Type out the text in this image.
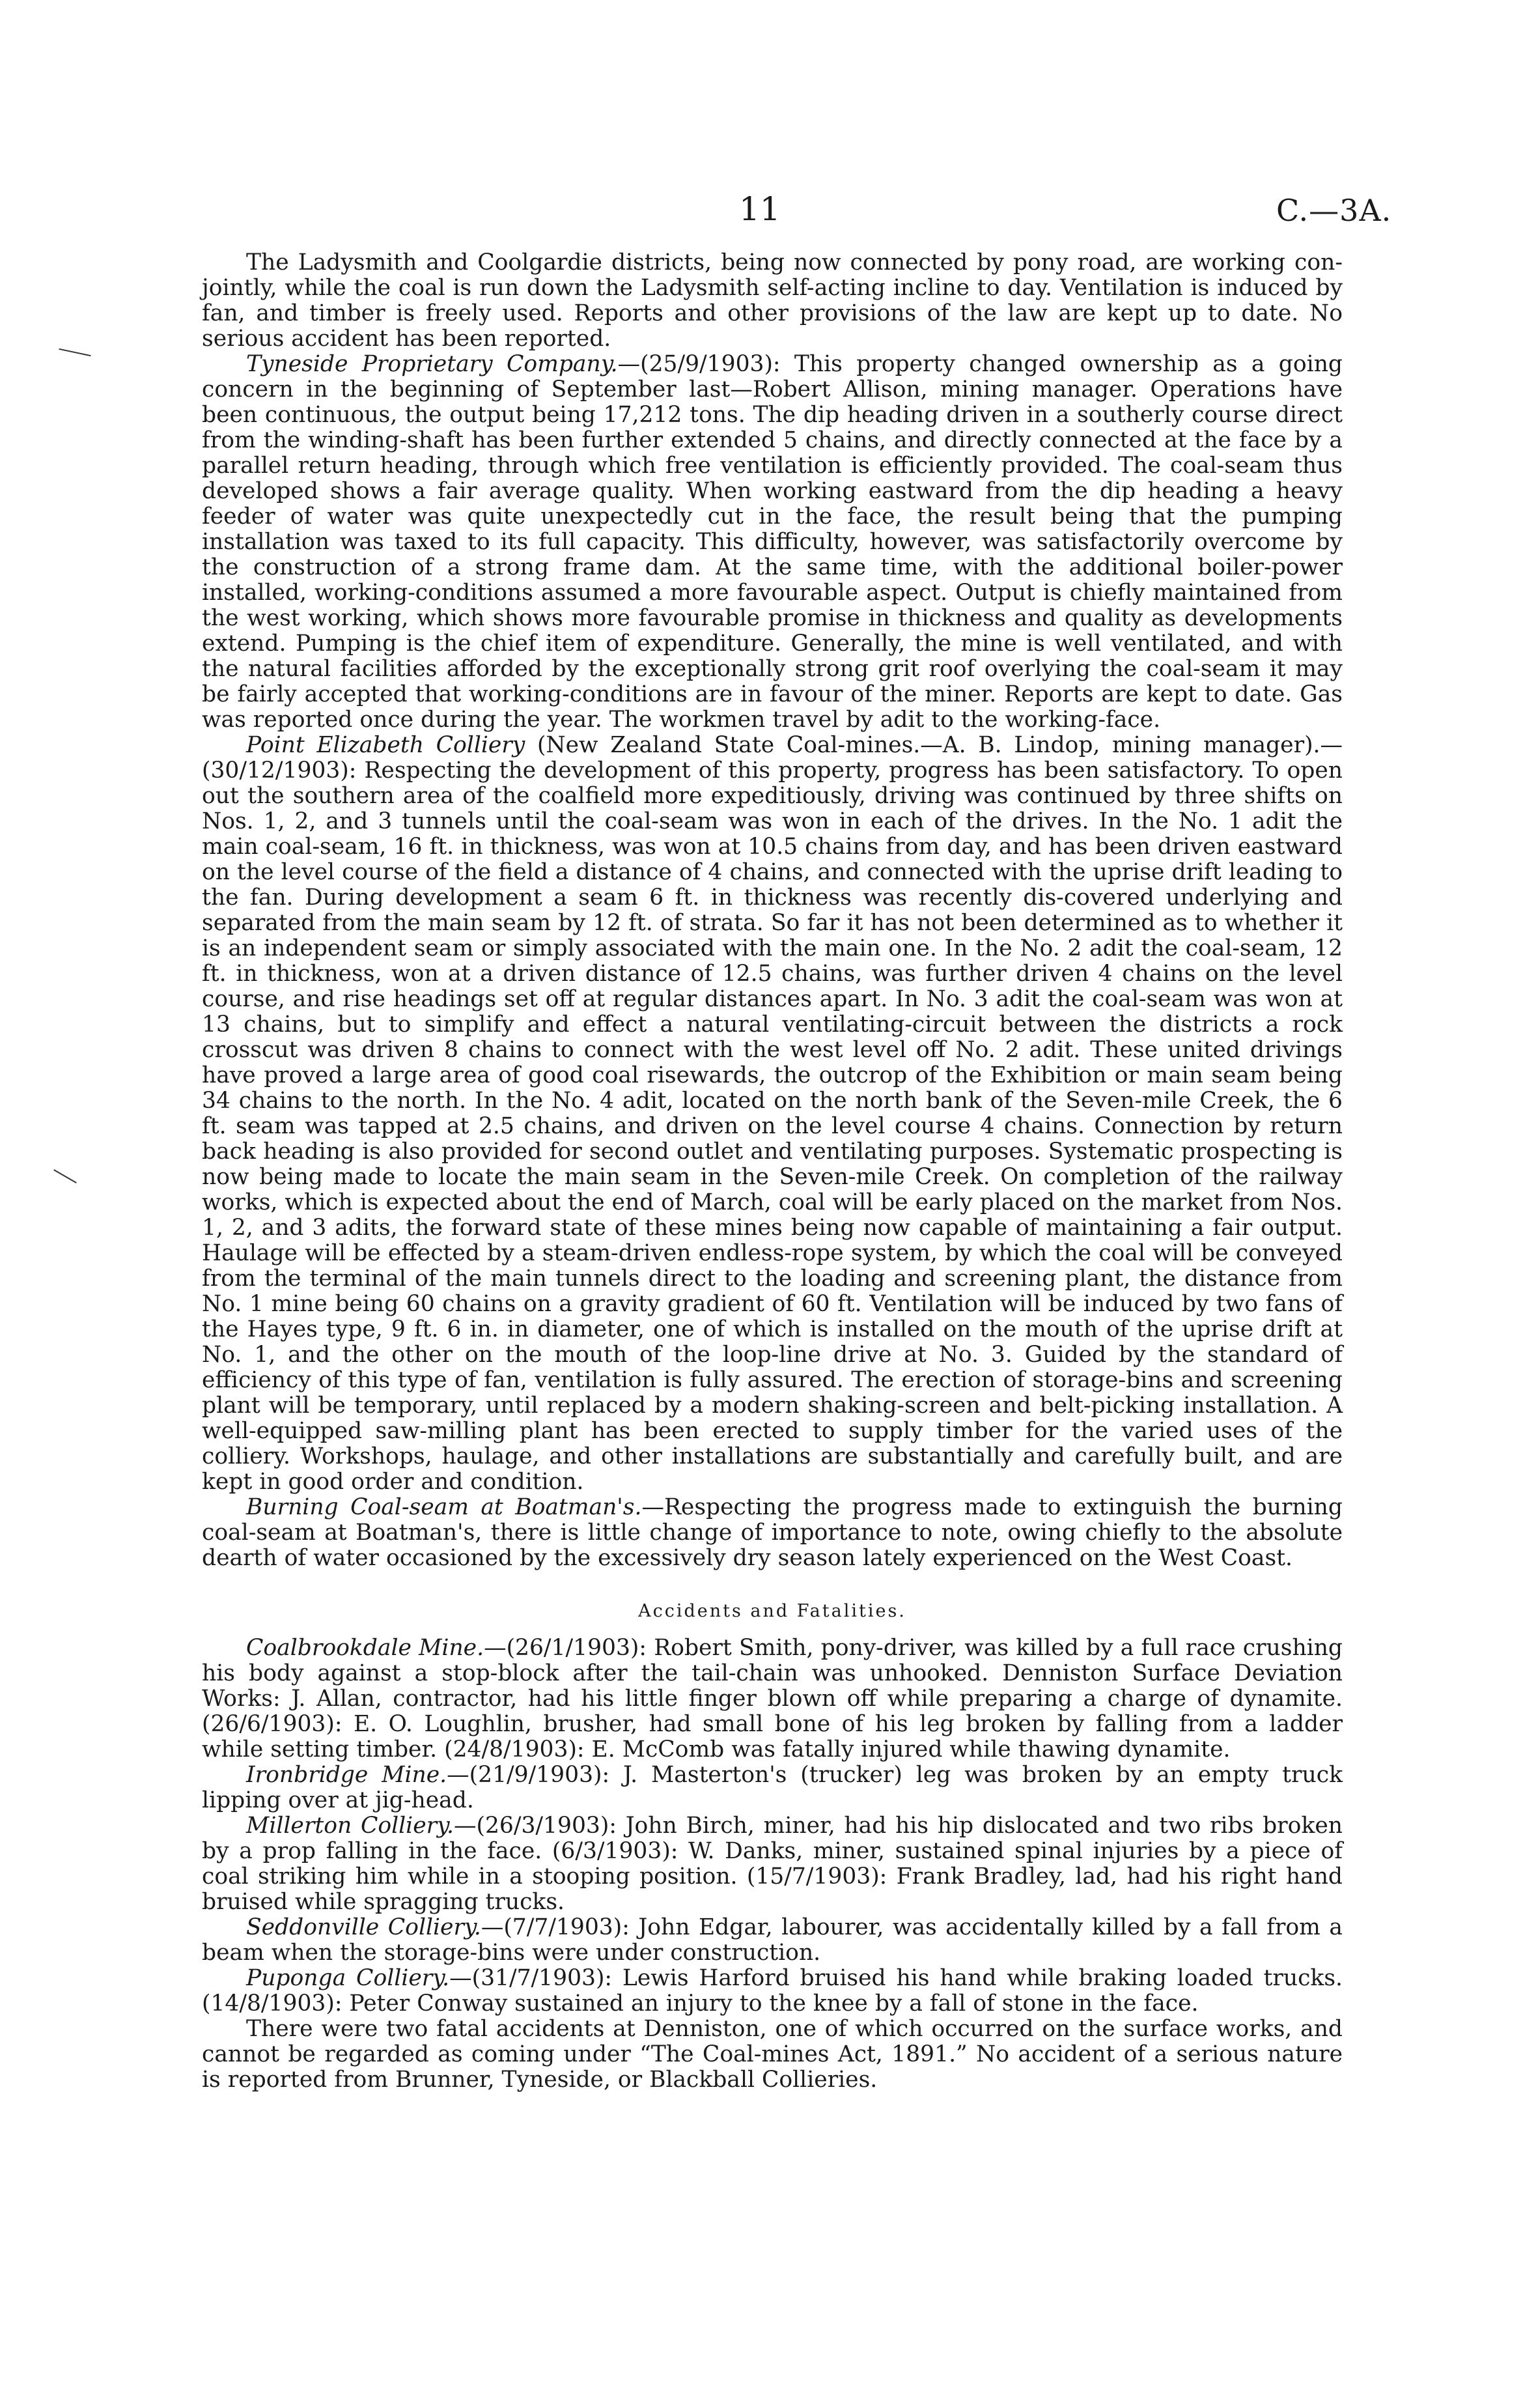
11	C.—3A.

The Ladysmith and Coolgardie districts, being now connected by pony road, are working con-jointly, while the coal is run down the Ladysmith self-acting incline to day. Ventilation is induced by fan, and timber is freely used. Reports and other provisions of the law are kept up to date. No serious accident has been reported.

Tyneside Proprietary Company.—(25/9/1903): This property changed ownership as a going concern in the beginning of September last—Robert Allison, mining manager. Operations have been continuous, the output being 17,212 tons. The dip heading driven in a southerly course direct from the winding-shaft has been further extended 5 chains, and directly connected at the face by a parallel return heading, through which free ventilation is efficiently provided. The coal-seam thus developed shows a fair average quality. When working eastward from the dip heading a heavy feeder of water was quite unexpectedly cut in the face, the result being that the pumping installation was taxed to its full capacity. This difficulty, however, was satisfactorily overcome by the construction of a strong frame dam. At the same time, with the additional boiler-power installed, working-conditions assumed a more favourable aspect. Output is chiefly maintained from the west working, which shows more favourable promise in thickness and quality as developments extend. Pumping is the chief item of expenditure. Generally, the mine is well ventilated, and with the natural facilities afforded by the exceptionally strong grit roof overlying the coal-seam it may be fairly accepted that working-conditions are in favour of the miner. Reports are kept to date. Gas was reported once during the year. The workmen travel by adit to the working-face.

Point Elizabeth Colliery (New Zealand State Coal-mines.—A. B. Lindop, mining manager).—(30/12/1903): Respecting the development of this property, progress has been satisfactory. To open out the southern area of the coalfield more expeditiously, driving was continued by three shifts on Nos. 1, 2, and 3 tunnels until the coal-seam was won in each of the drives. In the No. 1 adit the main coal-seam, 16 ft. in thickness, was won at 10.5 chains from day, and has been driven eastward on the level course of the field a distance of 4 chains, and connected with the uprise drift leading to the fan. During development a seam 6 ft. in thickness was recently dis-covered underlying and separated from the main seam by 12 ft. of strata. So far it has not been determined as to whether it is an independent seam or simply associated with the main one. In the No. 2 adit the coal-seam, 12 ft. in thickness, won at a driven distance of 12.5 chains, was further driven 4 chains on the level course, and rise headings set off at regular distances apart. In No. 3 adit the coal-seam was won at 13 chains, but to simplify and effect a natural ventilating-circuit between the districts a rock crosscut was driven 8 chains to connect with the west level off No. 2 adit. These united drivings have proved a large area of good coal risewards, the outcrop of the Exhibition or main seam being 34 chains to the north. In the No. 4 adit, located on the north bank of the Seven-mile Creek, the 6 ft. seam was tapped at 2.5 chains, and driven on the level course 4 chains. Connection by return back heading is also provided for second outlet and ventilating purposes. Systematic prospecting is now being made to locate the main seam in the Seven-mile Creek. On completion of the railway works, which is expected about the end of March, coal will be early placed on the market from Nos. 1, 2, and 3 adits, the forward state of these mines being now capable of maintaining a fair output. Haulage will be effected by a steam-driven endless-rope system, by which the coal will be conveyed from the terminal of the main tunnels direct to the loading and screening plant, the distance from No. 1 mine being 60 chains on a gravity gradient of 60 ft. Ventilation will be induced by two fans of the Hayes type, 9 ft. 6 in. in diameter, one of which is installed on the mouth of the uprise drift at No. 1, and the other on the mouth of the loop-line drive at No. 3. Guided by the standard of efficiency of this type of fan, ventilation is fully assured. The erection of storage-bins and screening plant will be temporary, until replaced by a modern shaking-screen and belt-picking installation. A well-equipped saw-milling plant has been erected to supply timber for the varied uses of the colliery. Workshops, haulage, and other installations are substantially and carefully built, and are kept in good order and condition.

Burning Coal-seam at Boatman's.—Respecting the progress made to extinguish the burning coal-seam at Boatman's, there is little change of importance to note, owing chiefly to the absolute dearth of water occasioned by the excessively dry season lately experienced on the West Coast.

Accidents and Fatalities.

Coalbrookdale Mine.—(26/1/1903): Robert Smith, pony-driver, was killed by a full race crushing his body against a stop-block after the tail-chain was unhooked. Denniston Surface Deviation Works: J. Allan, contractor, had his little finger blown off while preparing a charge of dynamite. (26/6/1903): E. O. Loughlin, brusher, had small bone of his leg broken by falling from a ladder while setting timber. (24/8/1903): E. McComb was fatally injured while thawing dynamite.

Ironbridge Mine.—(21/9/1903): J. Masterton's (trucker) leg was broken by an empty truck lipping over at jig-head.

Millerton Colliery.—(26/3/1903): John Birch, miner, had his hip dislocated and two ribs broken by a prop falling in the face. (6/3/1903): W. Danks, miner, sustained spinal injuries by a piece of coal striking him while in a stooping position. (15/7/1903): Frank Bradley, lad, had his right hand bruised while spragging trucks.

Seddonville Colliery.—(7/7/1903): John Edgar, labourer, was accidentally killed by a fall from a beam when the storage-bins were under construction.

Puponga Colliery.—(31/7/1903): Lewis Harford bruised his hand while braking loaded trucks. (14/8/1903): Peter Conway sustained an injury to the knee by a fall of stone in the face.

There were two fatal accidents at Denniston, one of which occurred on the surface works, and cannot be regarded as coming under “The Coal-mines Act, 1891.” No accident of a serious nature is reported from Brunner, Tyneside, or Blackball Collieries.
